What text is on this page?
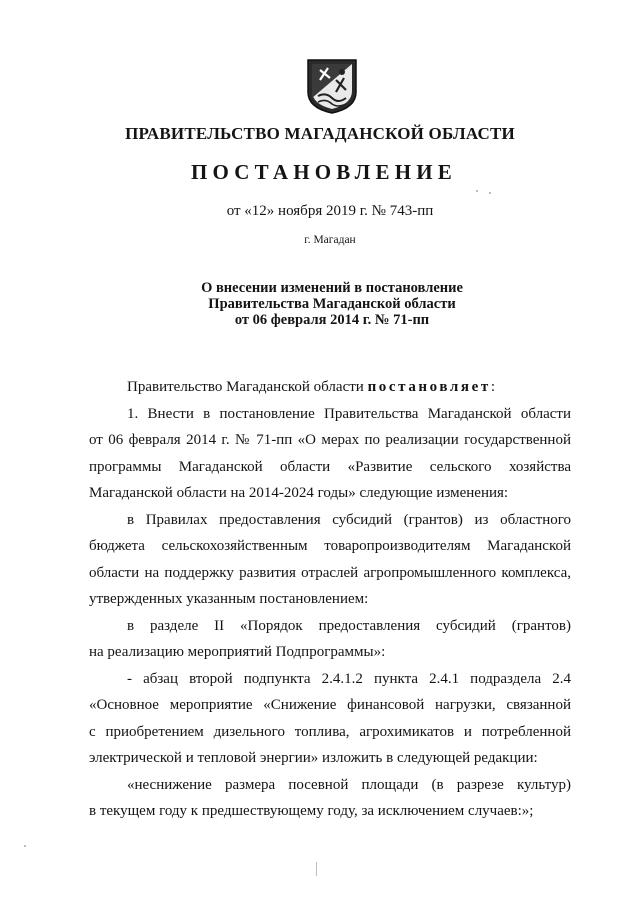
ПРАВИТЕЛЬСТВО МАГАДАНСКОЙ ОБЛАСТИ
ПОСТАНОВЛЕНИЕ
от «12» ноября 2019 г. № 743-пп
г. Магадан
О внесении изменений в постановление
Правительства Магаданской области
от 06 февраля 2014 г. № 71-пп
Правительство Магаданской области постановляет:
1. Внести в постановление Правительства Магаданской области
от 06 февраля 2014 г. № 71-пп «О мерах по реализации государственной
программы Магаданской области «Развитие сельского хозяйства
Магаданской области на 2014-2024 годы» следующие изменения:
в Правилах предоставления субсидий (грантов) из областного
бюджета сельскохозяйственным товаропроизводителям Магаданской
области на поддержку развития отраслей агропромышленного комплекса,
утвержденных указанным постановлением:
в разделе II «Порядок предоставления субсидий (грантов)
на реализацию мероприятий Подпрограммы»:
- абзац второй подпункта 2.4.1.2 пункта 2.4.1 подраздела 2.4
«Основное мероприятие «Снижение финансовой нагрузки, связанной
с приобретением дизельного топлива, агрохимикатов и потребленной
электрической и тепловой энергии» изложить в следующей редакции:
«неснижение размера посевной площади (в разрезе культур)
в текущем году к предшествующему году, за исключением случаев:»;
